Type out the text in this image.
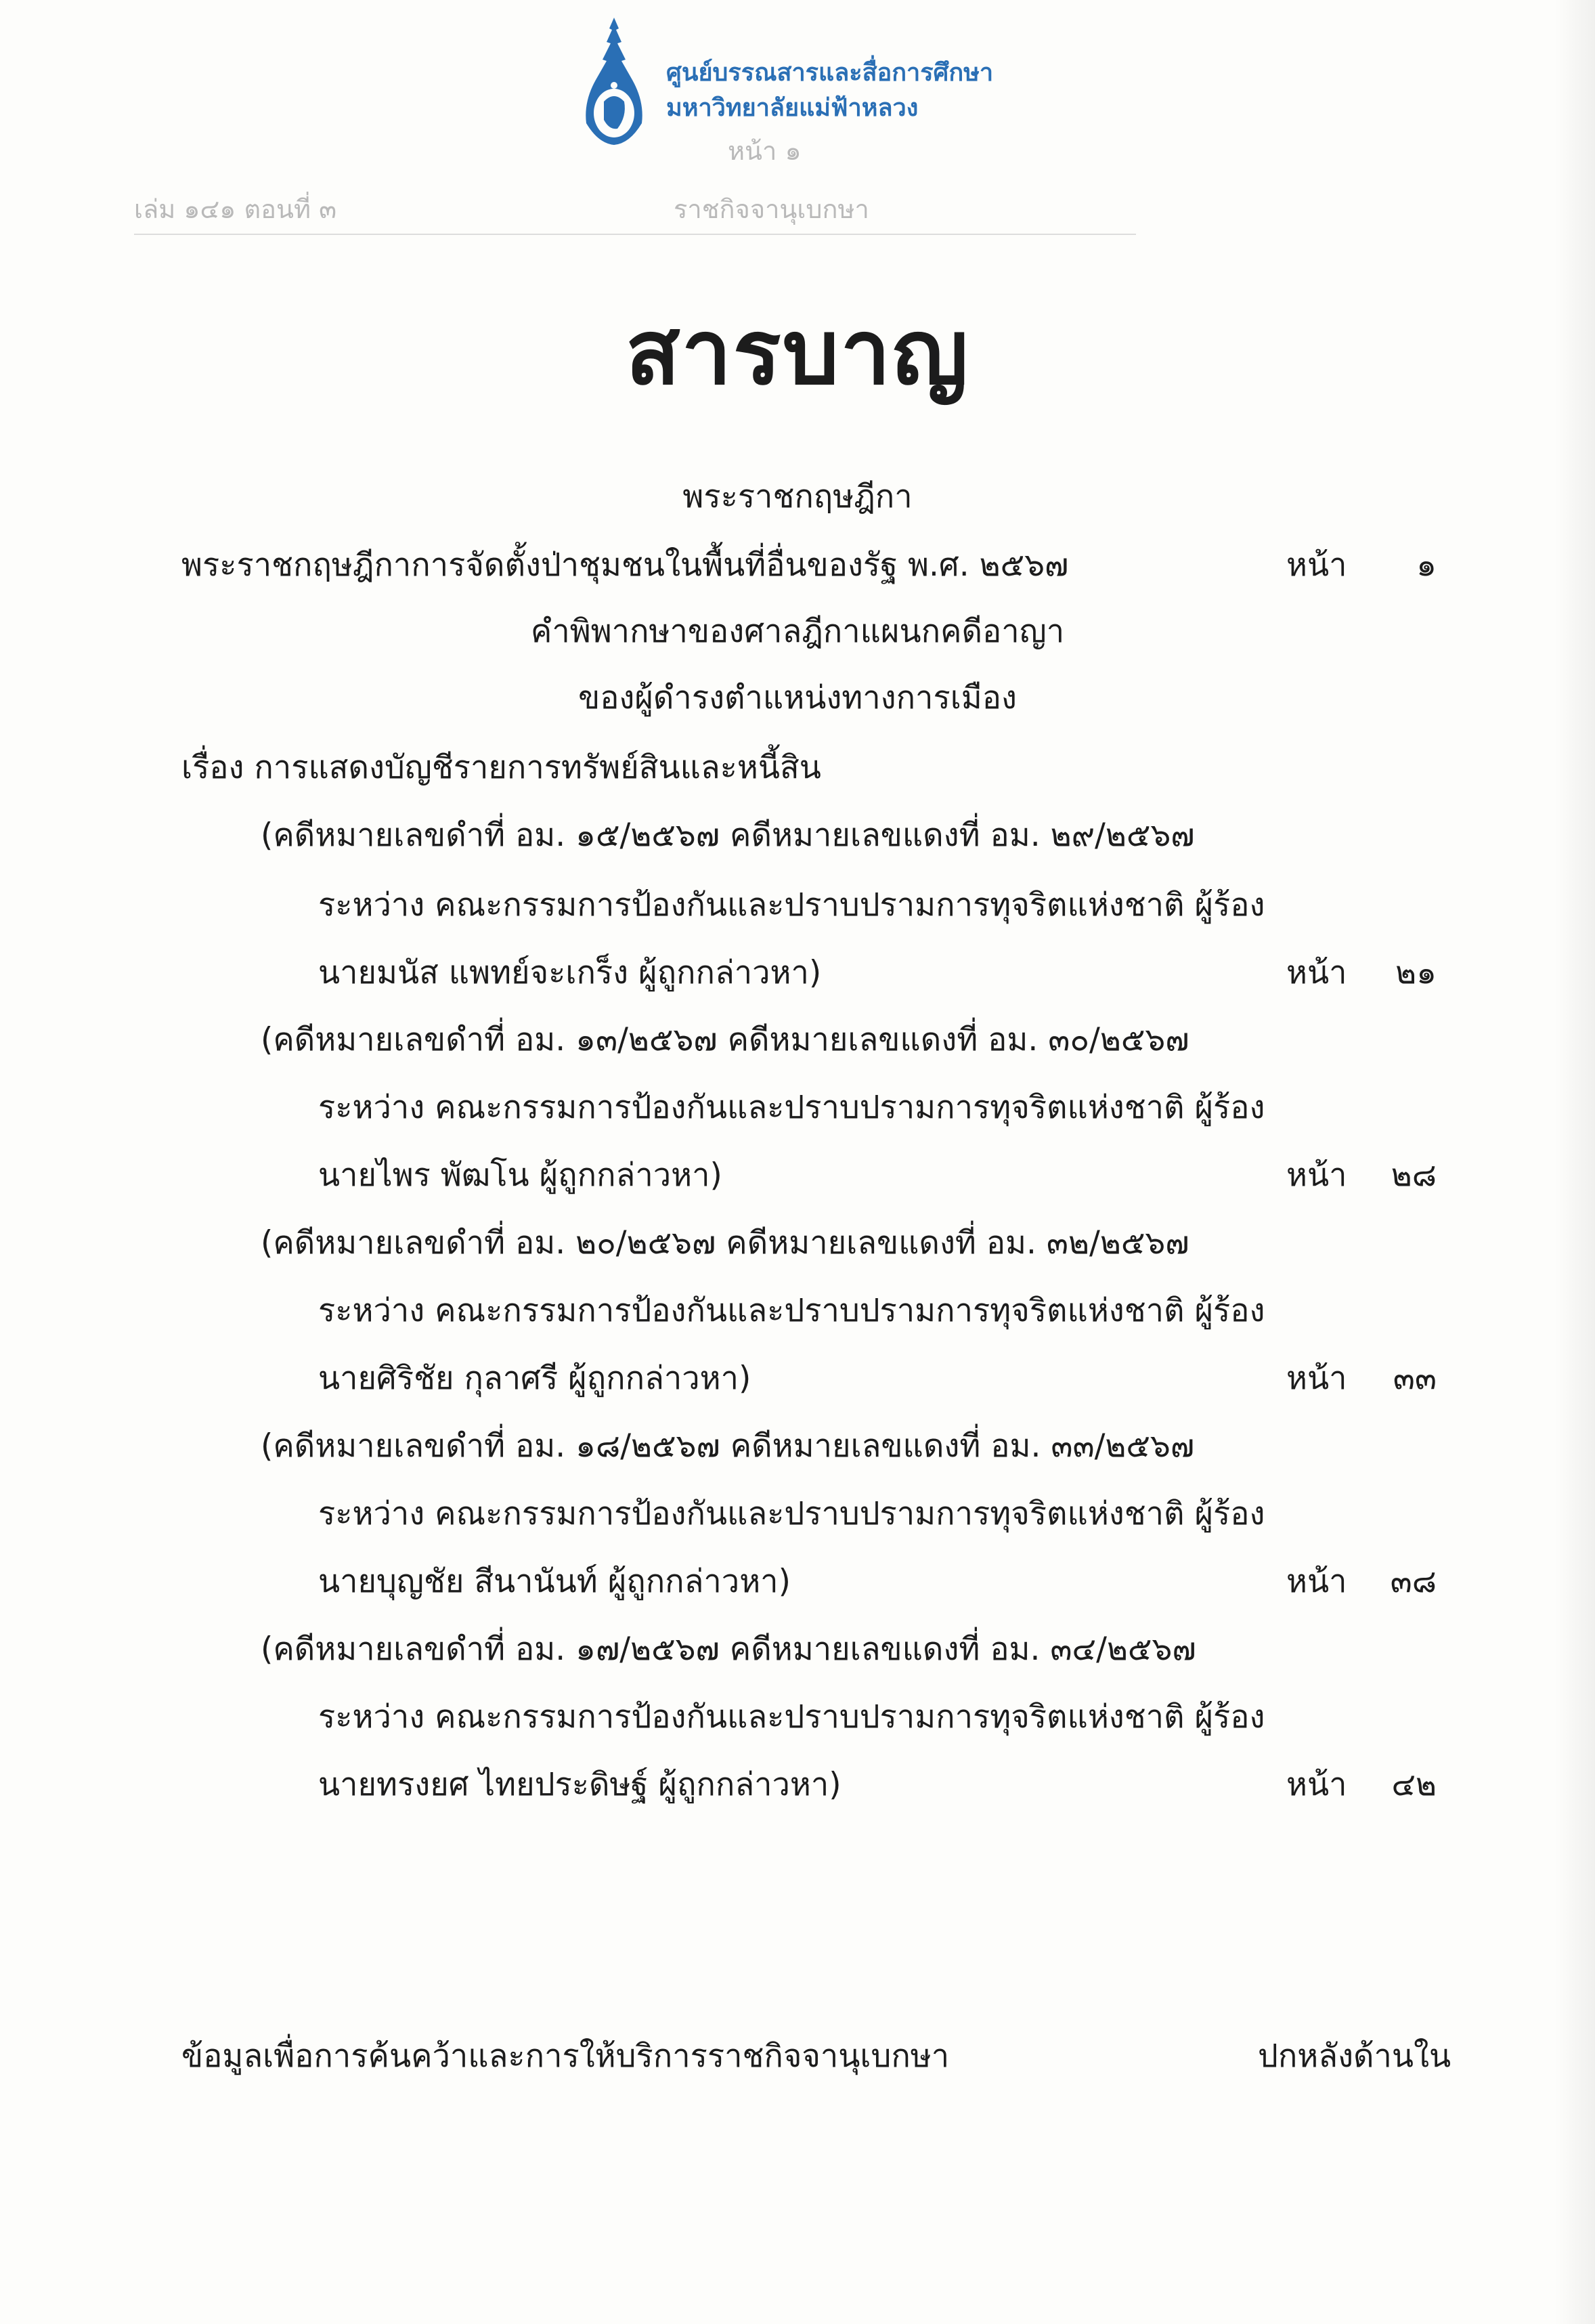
หน้า ๑
เล่ม ๑๔๑ ตอนที่ ๓	ราชกิจจานุเบกษา
ศูนย์บรรณสารและสื่อการศึกษา
มหาวิทยาลัยแม่ฟ้าหลวง
สารบาญ
พระราชกฤษฎีกา
พระราชกฤษฎีกาการจัดตั้งป่าชุมชนในพื้นที่อื่นของรัฐ พ.ศ. ๒๕๖๗	หน้า	๑
คำพิพากษาของศาลฎีกาแผนกคดีอาญา
ของผู้ดำรงตำแหน่งทางการเมือง
เรื่อง การแสดงบัญชีรายการทรัพย์สินและหนี้สิน
(คดีหมายเลขดำที่ อม. ๑๕/๒๕๖๗ คดีหมายเลขแดงที่ อม. ๒๙/๒๕๖๗
ระหว่าง คณะกรรมการป้องกันและปราบปรามการทุจริตแห่งชาติ ผู้ร้อง
นายมนัส แพทย์จะเกร็ง ผู้ถูกกล่าวหา)	หน้า	๒๑
(คดีหมายเลขดำที่ อม. ๑๓/๒๕๖๗ คดีหมายเลขแดงที่ อม. ๓๐/๒๕๖๗
ระหว่าง คณะกรรมการป้องกันและปราบปรามการทุจริตแห่งชาติ ผู้ร้อง
นายไพร พัฒโน ผู้ถูกกล่าวหา)	หน้า	๒๘
(คดีหมายเลขดำที่ อม. ๒๐/๒๕๖๗ คดีหมายเลขแดงที่ อม. ๓๒/๒๕๖๗
ระหว่าง คณะกรรมการป้องกันและปราบปรามการทุจริตแห่งชาติ ผู้ร้อง
นายศิริชัย กุลาศรี ผู้ถูกกล่าวหา)	หน้า	๓๓
(คดีหมายเลขดำที่ อม. ๑๘/๒๕๖๗ คดีหมายเลขแดงที่ อม. ๓๓/๒๕๖๗
ระหว่าง คณะกรรมการป้องกันและปราบปรามการทุจริตแห่งชาติ ผู้ร้อง
นายบุญชัย สีนานันท์ ผู้ถูกกล่าวหา)	หน้า	๓๘
(คดีหมายเลขดำที่ อม. ๑๗/๒๕๖๗ คดีหมายเลขแดงที่ อม. ๓๔/๒๕๖๗
ระหว่าง คณะกรรมการป้องกันและปราบปรามการทุจริตแห่งชาติ ผู้ร้อง
นายทรงยศ ไทยประดิษฐ์ ผู้ถูกกล่าวหา)	หน้า	๔๒
ข้อมูลเพื่อการค้นคว้าและการให้บริการราชกิจจานุเบกษา	ปกหลังด้านใน
